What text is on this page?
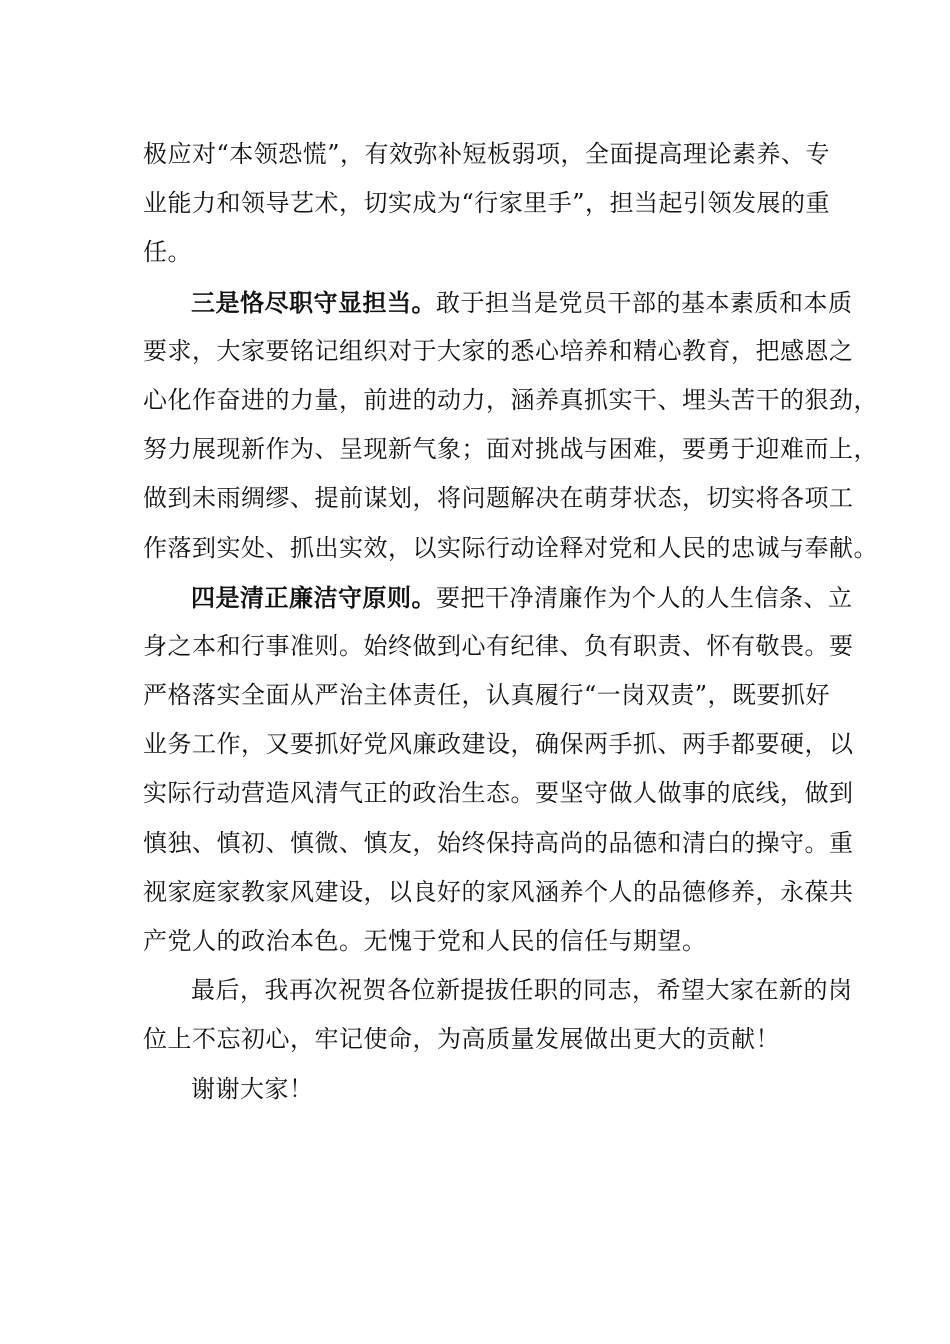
极应对“本领恐慌”，有效弥补短板弱项，全面提高理论素养、专
业能力和领导艺术，切实成为“行家里手”，担当起引领发展的重
任。
三是恪尽职守显担当。敢于担当是党员干部的基本素质和本质
要求，大家要铭记组织对于大家的悉心培养和精心教育，把感恩之
心化作奋进的力量，前进的动力，涵养真抓实干、埋头苦干的狠劲，
努力展现新作为、呈现新气象；面对挑战与困难，要勇于迎难而上，
做到未雨绸缪、提前谋划，将问题解决在萌芽状态，切实将各项工
作落到实处、抓出实效，以实际行动诠释对党和人民的忠诚与奉献。
四是清正廉洁守原则。要把干净清廉作为个人的人生信条、立
身之本和行事准则。始终做到心有纪律、负有职责、怀有敬畏。要
严格落实全面从严治主体责任，认真履行“一岗双责”，既要抓好
业务工作，又要抓好党风廉政建设，确保两手抓、两手都要硬，以
实际行动营造风清气正的政治生态。要坚守做人做事的底线，做到
慎独、慎初、慎微、慎友，始终保持高尚的品德和清白的操守。重
视家庭家教家风建设，以良好的家风涵养个人的品德修养，永葆共
产党人的政治本色。无愧于党和人民的信任与期望。
最后，我再次祝贺各位新提拔任职的同志，希望大家在新的岗
位上不忘初心，牢记使命，为高质量发展做出更大的贡献！
谢谢大家！
